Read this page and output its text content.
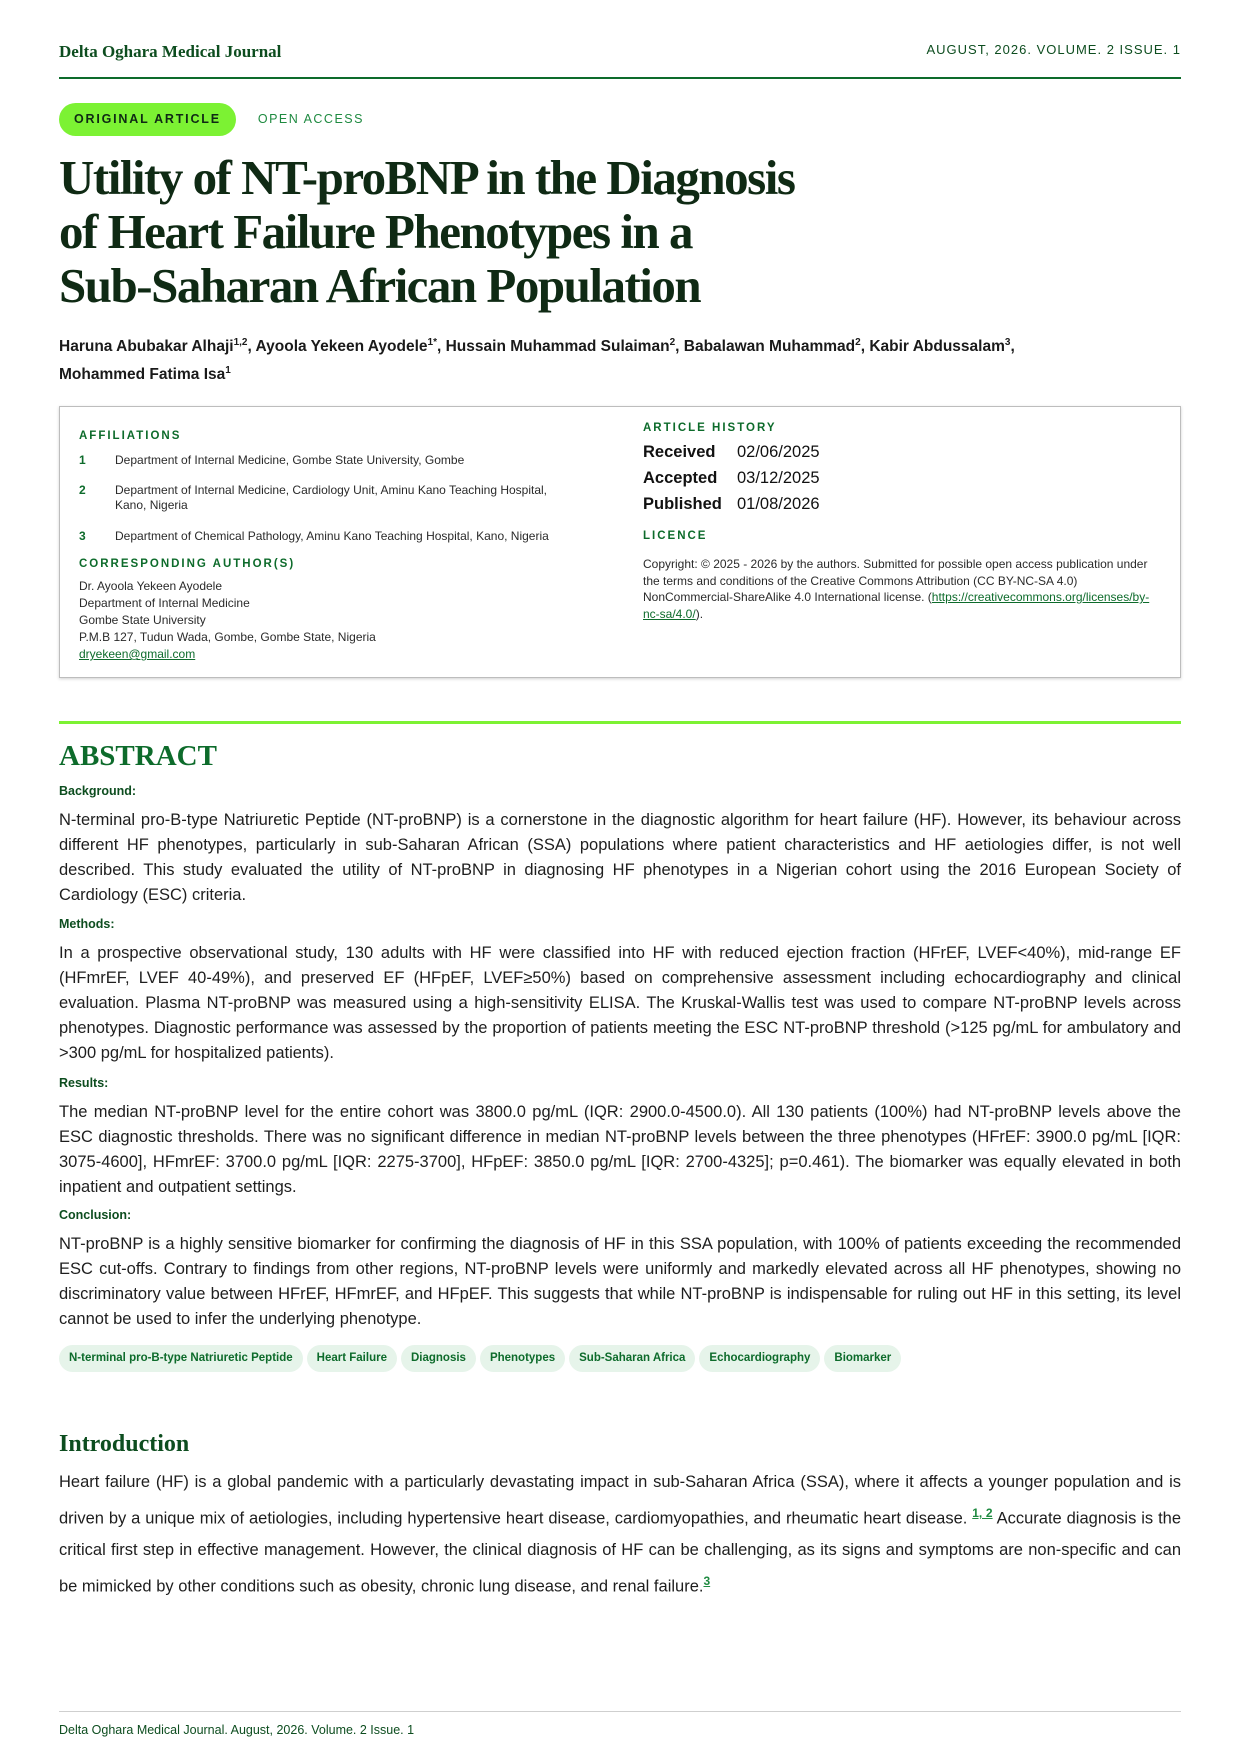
Delta Oghara Medical Journal	AUGUST, 2026. VOLUME. 2 ISSUE. 1
ORIGINAL ARTICLE	OPEN ACCESS
Utility of NT-proBNP in the Diagnosis
of Heart Failure Phenotypes in a
Sub-Saharan African Population
Haruna Abubakar Alhaji$^{1,2}$, Ayoola Yekeen Ayodele$^{1*}$, Hussain Muhammad Sulaiman$^2$, Babalawan Muhammad$^2$, Kabir Abdussalam$^3$,
Mohammed Fatima Isa$^1$
AFFILIATIONS
1 Department of Internal Medicine, Gombe State University, Gombe
2 Department of Internal Medicine, Cardiology Unit, Aminu Kano Teaching Hospital, Kano, Nigeria
3 Department of Chemical Pathology, Aminu Kano Teaching Hospital, Kano, Nigeria
CORRESPONDING AUTHOR(S)
Dr. Ayoola Yekeen Ayodele
Department of Internal Medicine
Gombe State University
P.M.B 127, Tudun Wada, Gombe, Gombe State, Nigeria
dryekeen@gmail.com
ARTICLE HISTORY
Received 02/06/2025
Accepted 03/12/2025
Published 01/08/2026
LICENCE
Copyright: © 2025 - 2026 by the authors. Submitted for possible open access publication under the terms and conditions of the Creative Commons Attribution (CC BY-NC-SA 4.0) NonCommercial-ShareAlike 4.0 International license. (https://creativecommons.org/licenses/by-nc-sa/4.0/).
ABSTRACT
Background:

N-terminal pro-B-type Natriuretic Peptide (NT-proBNP) is a cornerstone in the diagnostic algorithm for heart failure (HF). However, its behaviour across different HF phenotypes, particularly in sub-Saharan African (SSA) populations where patient characteristics and HF aetiologies differ, is not well described. This study evaluated the utility of NT-proBNP in diagnosing HF phenotypes in a Nigerian cohort using the 2016 European Society of Cardiology (ESC) criteria.

Methods:

In a prospective observational study, 130 adults with HF were classified into HF with reduced ejection fraction (HFrEF, LVEF<40%), mid-range EF (HFmrEF, LVEF 40-49%), and preserved EF (HFpEF, LVEF≥50%) based on comprehensive assessment including echocardiography and clinical evaluation. Plasma NT-proBNP was measured using a high-sensitivity ELISA. The Kruskal-Wallis test was used to compare NT-proBNP levels across phenotypes. Diagnostic performance was assessed by the proportion of patients meeting the ESC NT-proBNP threshold (>125 pg/mL for ambulatory and >300 pg/mL for hospitalized patients).

Results:

The median NT-proBNP level for the entire cohort was 3800.0 pg/mL (IQR: 2900.0-4500.0). All 130 patients (100%) had NT-proBNP levels above the ESC diagnostic thresholds. There was no significant difference in median NT-proBNP levels between the three phenotypes (HFrEF: 3900.0 pg/mL [IQR: 3075-4600], HFmrEF: 3700.0 pg/mL [IQR: 2275-3700], HFpEF: 3850.0 pg/mL [IQR: 2700-4325]; p=0.461). The biomarker was equally elevated in both inpatient and outpatient settings.

Conclusion:

NT-proBNP is a highly sensitive biomarker for confirming the diagnosis of HF in this SSA population, with 100% of patients exceeding the recommended ESC cut-offs. Contrary to findings from other regions, NT-proBNP levels were uniformly and markedly elevated across all HF phenotypes, showing no discriminatory value between HFrEF, HFmrEF, and HFpEF. This suggests that while NT-proBNP is indispensable for ruling out HF in this setting, its level cannot be used to infer the underlying phenotype.

N-terminal pro-B-type Natriuretic Peptide Heart Failure Diagnosis Phenotypes Sub-Saharan Africa Echocardiography Biomarker
Introduction

Heart failure (HF) is a global pandemic with a particularly devastating impact in sub-Saharan Africa (SSA), where it affects a younger population and is driven by a unique mix of aetiologies, including hypertensive heart disease, cardiomyopathies, and rheumatic heart disease. $^{1, 2}$ Accurate diagnosis is the critical first step in effective management. However, the clinical diagnosis of HF can be challenging, as its signs and symptoms are non-specific and can be mimicked by other conditions such as obesity, chronic lung disease, and renal failure.$^3$

Delta Oghara Medical Journal. August, 2026. Volume. 2 Issue. 1
